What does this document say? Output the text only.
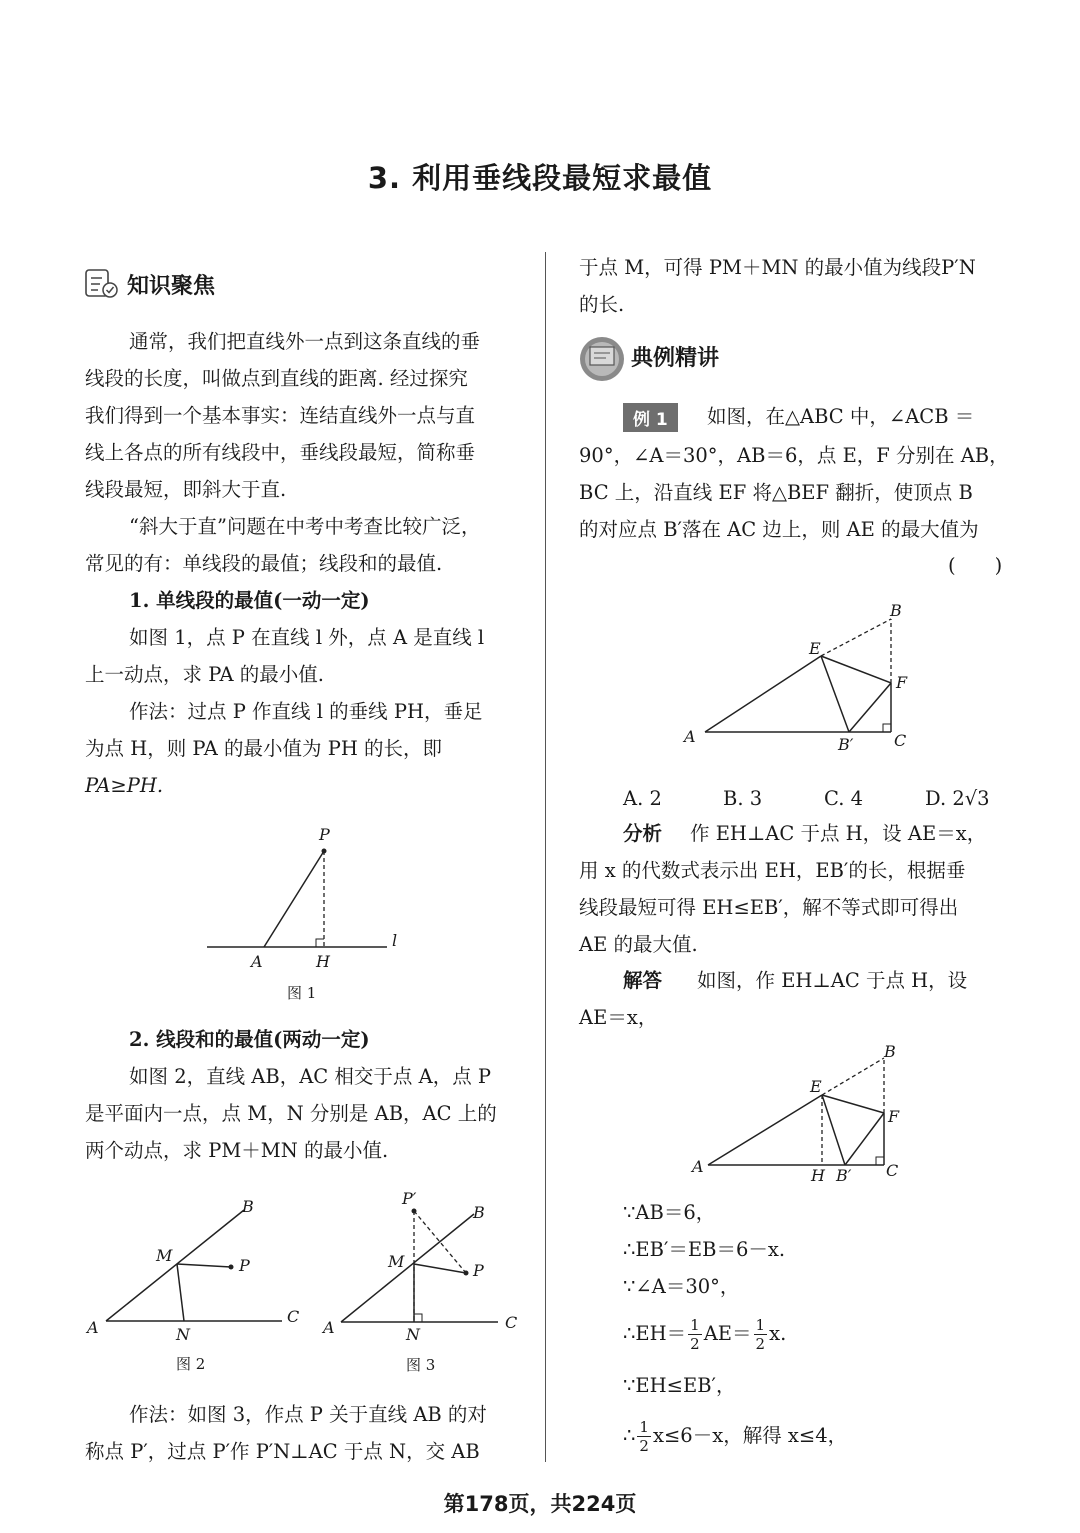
3. 利用垂线段最短求最值
知识聚焦
通常，我们把直线外一点到这条直线的垂
线段的长度，叫做点到直线的距离. 经过探究
我们得到一个基本事实：连结直线外一点与直
线上各点的所有线段中，垂线段最短，简称垂
线段最短，即斜大于直.
“斜大于直”问题在中考中考查比较广泛，
常见的有：单线段的最值；线段和的最值.
1. 单线段的最值(一动一定)
如图 1，点 P 在直线 l 外，点 A 是直线 l
上一动点，求 PA 的最小值.
作法：过点 P 作直线 l 的垂线 PH，垂足
为点 H，则 PA 的最小值为 PH 的长，即
PA≥PH.
P
A	H
l
图 1
2. 线段和的最值(两动一定)
如图 2，直线 AB，AC 相交于点 A，点 P
是平面内一点，点 M，N 分别是 AB，AC 上的
两个动点，求 PM＋MN 的最小值.
B
M
P
C
A	N
图 2
P′
B
M	P
C
A	N
图 3
作法：如图 3，作点 P 关于直线 AB 的对
称点 P′，过点 P′作 P′N⊥AC 于点 N，交 AB
于点 M，可得 PM＋MN 的最小值为线段P′N
的长.
典例精讲
例 1	如图，在△ABC 中，∠ACB ＝
90°，∠A＝30°，AB＝6，点 E，F 分别在 AB，
BC 上，沿直线 EF 将△BEF 翻折，使顶点 B
的对应点 B′落在 AC 边上，则 AE 的最大值为
(　　)
B
E
F
A	B′	C
A. 2	B. 3	C. 4	D. 2√3
分析 作 EH⊥AC 于点 H，设 AE＝x，
用 x 的代数式表示出 EH，EB′的长，根据垂
线段最短可得 EH≤EB′，解不等式即可得出
AE 的最大值.
解答 如图，作 EH⊥AC 于点 H，设
AE＝x，
B
E
F
A	H B′ C
∵AB＝6，
∴EB′＝EB＝6－x.
∵∠A＝30°，
∴EH＝ $\frac{1}{2} AE= \frac{1}{2} x$.
∵EH≤EB′，
∴ $\frac{1}{2} x\le 6-x$，解得 x≤4，
第178页，共224页
